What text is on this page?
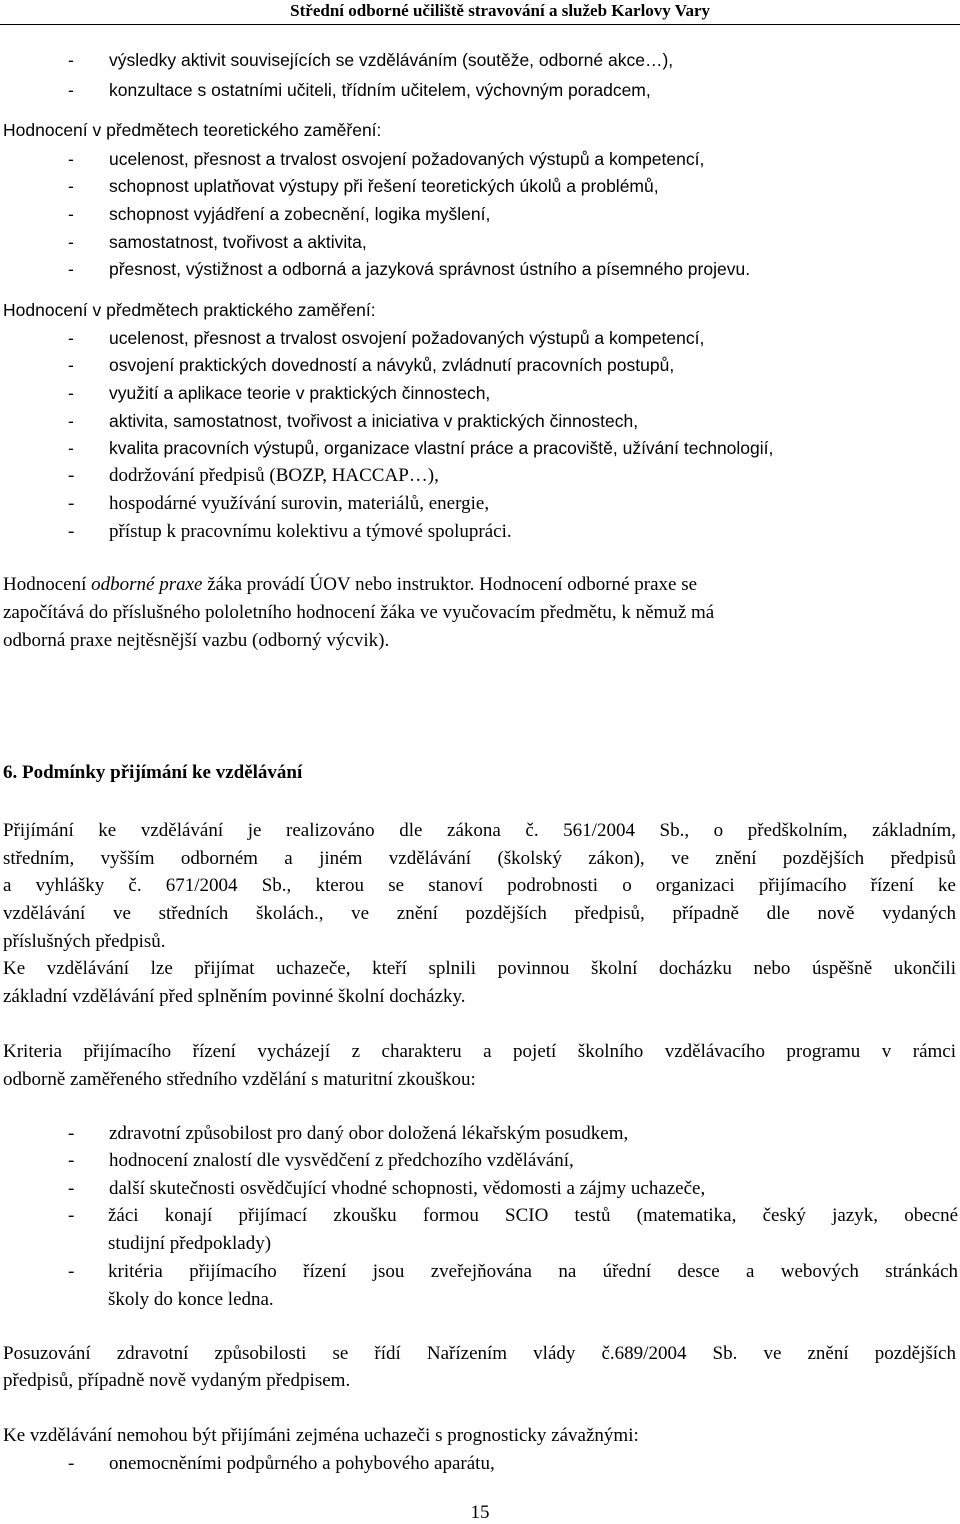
Střední odborné učiliště stravování a služeb Karlovy Vary
- výsledky aktivit souvisejících se vzděláváním (soutěže, odborné akce…),
- konzultace s ostatními učiteli, třídním učitelem, výchovným poradcem,
Hodnocení v předmětech teoretického zaměření:
- ucelenost, přesnost a trvalost osvojení požadovaných výstupů a kompetencí,
- schopnost uplatňovat výstupy při řešení teoretických úkolů a problémů,
- schopnost vyjádření a zobecnění, logika myšlení,
- samostatnost, tvořivost a aktivita,
- přesnost, výstižnost a odborná a jazyková správnost ústního a písemného projevu.
Hodnocení v předmětech praktického zaměření:
- ucelenost, přesnost a trvalost osvojení požadovaných výstupů a kompetencí,
- osvojení praktických dovedností a návyků, zvládnutí pracovních postupů,
- využití a aplikace teorie v praktických činnostech,
- aktivita, samostatnost, tvořivost a iniciativa v praktických činnostech,
- kvalita pracovních výstupů, organizace vlastní práce a pracoviště, užívání technologií,
- dodržování předpisů (BOZP, HACCAP…),
- hospodárné využívání surovin, materiálů, energie,
- přístup k pracovnímu kolektivu a týmové spolupráci.
Hodnocení odborné praxe žáka provádí ÚOV nebo instruktor. Hodnocení odborné praxe se
započítává do příslušného pololetního hodnocení žáka ve vyučovacím předmětu, k němuž má
odborná praxe nejtěsnější vazbu (odborný výcvik).
6. Podmínky přijímání ke vzdělávání
Přijímání ke vzdělávání je realizováno dle zákona č. 561/2004 Sb., o předškolním, základním,
středním, vyšším odborném a jiném vzdělávání (školský zákon), ve znění pozdějších předpisů
a vyhlášky č. 671/2004 Sb., kterou se stanoví podrobnosti o organizaci přijímacího řízení ke
vzdělávání ve středních školách., ve znění pozdějších předpisů, případně dle nově vydaných
příslušných předpisů.
Ke vzdělávání lze přijímat uchazeče, kteří splnili povinnou školní docházku nebo úspěšně ukončili
základní vzdělávání před splněním povinné školní docházky.
Kriteria přijímacího řízení vycházejí z charakteru a pojetí školního vzdělávacího programu v rámci
odborně zaměřeného středního vzdělání s maturitní zkouškou:
- zdravotní způsobilost pro daný obor doložená lékařským posudkem,
- hodnocení znalostí dle vysvědčení z předchozího vzdělávání,
- další skutečnosti osvědčující vhodné schopnosti, vědomosti a zájmy uchazeče,
- žáci konají přijímací zkoušku formou SCIO testů (matematika, český jazyk, obecné
studijní předpoklady)
- kritéria přijímacího řízení jsou zveřejňována na úřední desce a webových stránkách
školy do konce ledna.
Posuzování zdravotní způsobilosti se řídí Nařízením vlády č.689/2004 Sb. ve znění pozdějších
předpisů, případně nově vydaným předpisem.
Ke vzdělávání nemohou být přijímáni zejména uchazeči s prognosticky závažnými:
- onemocněními podpůrného a pohybového aparátu,
15
